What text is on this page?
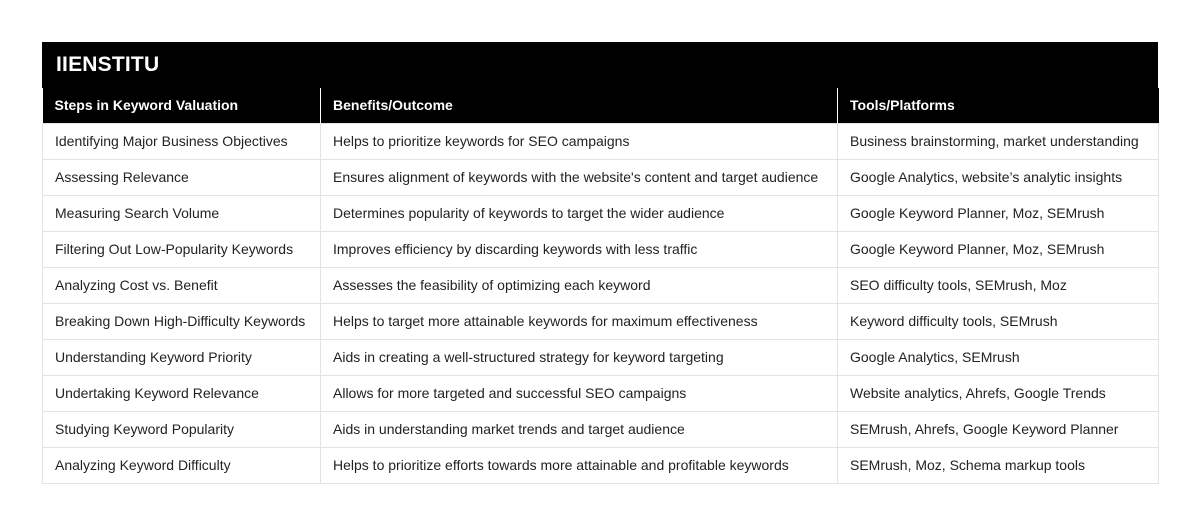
IIENSTITU
Steps in Keyword Valuation	Benefits/Outcome	Tools/Platforms
Identifying Major Business Objectives	Helps to prioritize keywords for SEO campaigns	Business brainstorming, market understanding
Assessing Relevance	Ensures alignment of keywords with the website's content and target audience	Google Analytics, website’s analytic insights
Measuring Search Volume	Determines popularity of keywords to target the wider audience	Google Keyword Planner, Moz, SEMrush
Filtering Out Low-Popularity Keywords	Improves efficiency by discarding keywords with less traffic	Google Keyword Planner, Moz, SEMrush
Analyzing Cost vs. Benefit	Assesses the feasibility of optimizing each keyword	SEO difficulty tools, SEMrush, Moz
Breaking Down High-Difficulty Keywords	Helps to target more attainable keywords for maximum effectiveness	Keyword difficulty tools, SEMrush
Understanding Keyword Priority	Aids in creating a well-structured strategy for keyword targeting	Google Analytics, SEMrush
Undertaking Keyword Relevance	Allows for more targeted and successful SEO campaigns	Website analytics, Ahrefs, Google Trends
Studying Keyword Popularity	Aids in understanding market trends and target audience	SEMrush, Ahrefs, Google Keyword Planner
Analyzing Keyword Difficulty	Helps to prioritize efforts towards more attainable and profitable keywords	SEMrush, Moz, Schema markup tools
